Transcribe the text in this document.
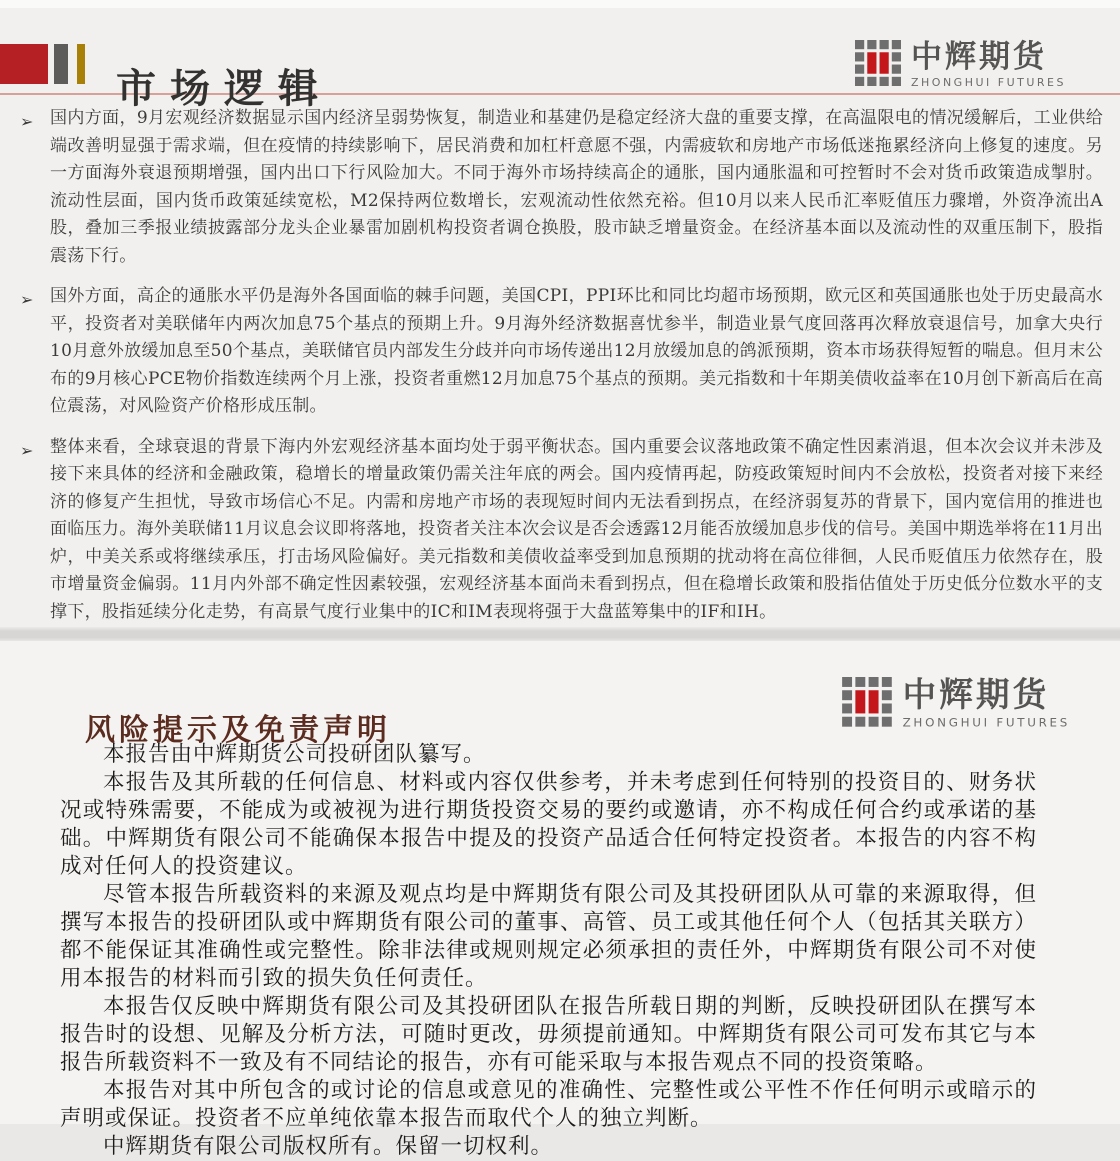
市场逻辑
中辉期货
ZHONGHUI FUTURES
➢ 国内方面，9月宏观经济数据显示国内经济呈弱势恢复，制造业和基建仍是稳定经济大盘的重要支撑，在高温限电的情况缓解后，工业供给端改善明显强于需求端，但在疫情的持续影响下，居民消费和加杠杆意愿不强，内需疲软和房地产市场低迷拖累经济向上修复的速度。另一方面海外衰退预期增强，国内出口下行风险加大。不同于海外市场持续高企的通胀，国内通胀温和可控暂时不会对货币政策造成掣肘。流动性层面，国内货币政策延续宽松，M2保持两位数增长，宏观流动性依然充裕。但10月以来人民币汇率贬值压力骤增，外资净流出A股，叠加三季报业绩披露部分龙头企业暴雷加剧机构投资者调仓换股，股市缺乏增量资金。在经济基本面以及流动性的双重压制下，股指震荡下行。
➢ 国外方面，高企的通胀水平仍是海外各国面临的棘手问题，美国CPI，PPI环比和同比均超市场预期，欧元区和英国通胀也处于历史最高水平，投资者对美联储年内两次加息75个基点的预期上升。9月海外经济数据喜忧参半，制造业景气度回落再次释放衰退信号，加拿大央行10月意外放缓加息至50个基点，美联储官员内部发生分歧并向市场传递出12月放缓加息的鸽派预期，资本市场获得短暂的喘息。但月末公布的9月核心PCE物价指数连续两个月上涨，投资者重燃12月加息75个基点的预期。美元指数和十年期美债收益率在10月创下新高后在高位震荡，对风险资产价格形成压制。
➢ 整体来看，全球衰退的背景下海内外宏观经济基本面均处于弱平衡状态。国内重要会议落地政策不确定性因素消退，但本次会议并未涉及接下来具体的经济和金融政策，稳增长的增量政策仍需关注年底的两会。国内疫情再起，防疫政策短时间内不会放松，投资者对接下来经济的修复产生担忧，导致市场信心不足。内需和房地产市场的表现短时间内无法看到拐点，在经济弱复苏的背景下，国内宽信用的推进也面临压力。海外美联储11月议息会议即将落地，投资者关注本次会议是否会透露12月能否放缓加息步伐的信号。美国中期选举将在11月出炉，中美关系或将继续承压，打击场风险偏好。美元指数和美债收益率受到加息预期的扰动将在高位徘徊，人民币贬值压力依然存在，股市增量资金偏弱。11月内外部不确定性因素较强，宏观经济基本面尚未看到拐点，但在稳增长政策和股指估值处于历史低分位数水平的支撑下，股指延续分化走势，有高景气度行业集中的IC和IM表现将强于大盘蓝筹集中的IF和IH。
风险提示及免责声明
中辉期货
ZHONGHUI FUTURES

本报告由中辉期货公司投研团队纂写。

本报告及其所载的任何信息、材料或内容仅供参考，并未考虑到任何特别的投资目的、财务状况或特殊需要，不能成为或被视为进行期货投资交易的要约或邀请，亦不构成任何合约或承诺的基础。中辉期货有限公司不能确保本报告中提及的投资产品适合任何特定投资者。本报告的内容不构成对任何人的投资建议。

尽管本报告所载资料的来源及观点均是中辉期货有限公司及其投研团队从可靠的来源取得，但撰写本报告的投研团队或中辉期货有限公司的董事、高管、员工或其他任何个人（包括其关联方）都不能保证其准确性或完整性。除非法律或规则规定必须承担的责任外，中辉期货有限公司不对使用本报告的材料而引致的损失负任何责任。

本报告仅反映中辉期货有限公司及其投研团队在报告所载日期的判断，反映投研团队在撰写本报告时的设想、见解及分析方法，可随时更改，毋须提前通知。中辉期货有限公司可发布其它与本报告所载资料不一致及有不同结论的报告，亦有可能采取与本报告观点不同的投资策略。

本报告对其中所包含的或讨论的信息或意见的准确性、完整性或公平性不作任何明示或暗示的声明或保证。投资者不应单纯依靠本报告而取代个人的独立判断。

中辉期货有限公司版权所有。保留一切权利。
